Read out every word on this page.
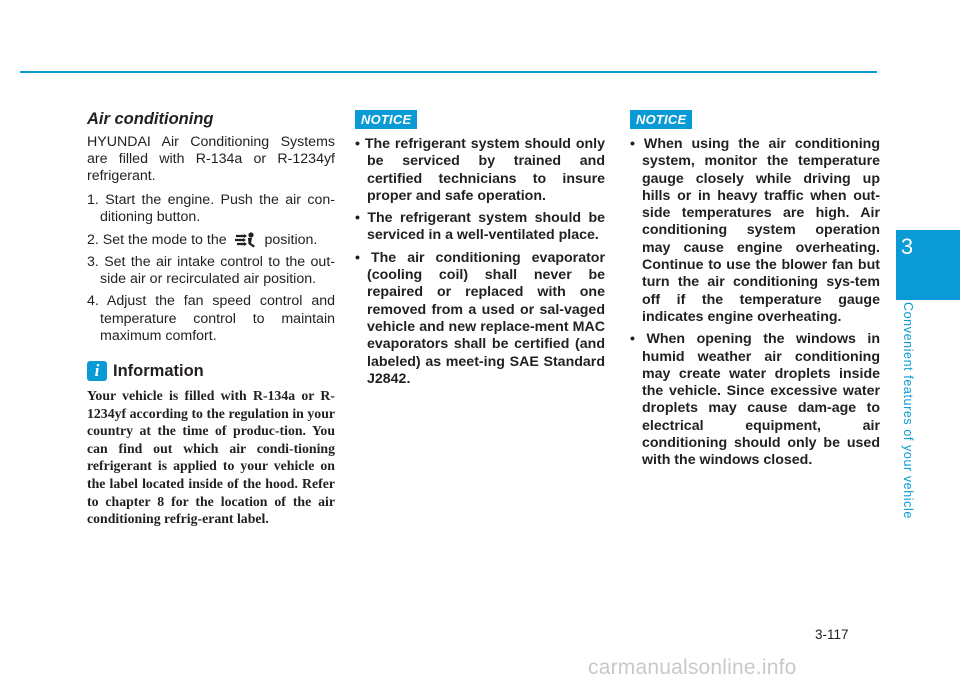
Air conditioning

HYUNDAI Air Conditioning Systems are filled with R-134a or R-1234yf refrigerant.

1. Start the engine. Push the air con-ditioning button.
2. Set the mode to the	position.
3. Set the air intake control to the out-side air or recirculated air position.
4. Adjust the fan speed control and temperature control to maintain maximum comfort.
i Information

Your vehicle is filled with R-134a or R-1234yf according to the regulation in your country at the time of produc-tion. You can find out which air condi-tioning refrigerant is applied to your vehicle on the label located inside of the hood. Refer to chapter 8 for the location of the air conditioning refrig-erant label.

NOTICE
• The refrigerant system should only be serviced by trained and certified technicians to insure proper and safe operation.
• The refrigerant system should be serviced in a well-ventilated place.
• The air conditioning evaporator (cooling coil) shall never be repaired or replaced with one removed from a used or sal-vaged vehicle and new replace-ment MAC evaporators shall be certified (and labeled) as meet-ing SAE Standard J2842.
NOTICE
• When using the air conditioning system, monitor the temperature gauge closely while driving up hills or in heavy traffic when out-side temperatures are high. Air conditioning system operation may cause engine overheating. Continue to use the blower fan but turn the air conditioning sys-tem off if the temperature gauge indicates engine overheating.
• When opening the windows in humid weather air conditioning may create water droplets inside the vehicle. Since excessive water droplets may cause dam-age to electrical equipment, air conditioning should only be used with the windows closed.
3
Convenient features of your vehicle
3-117
carmanualsonline.info
